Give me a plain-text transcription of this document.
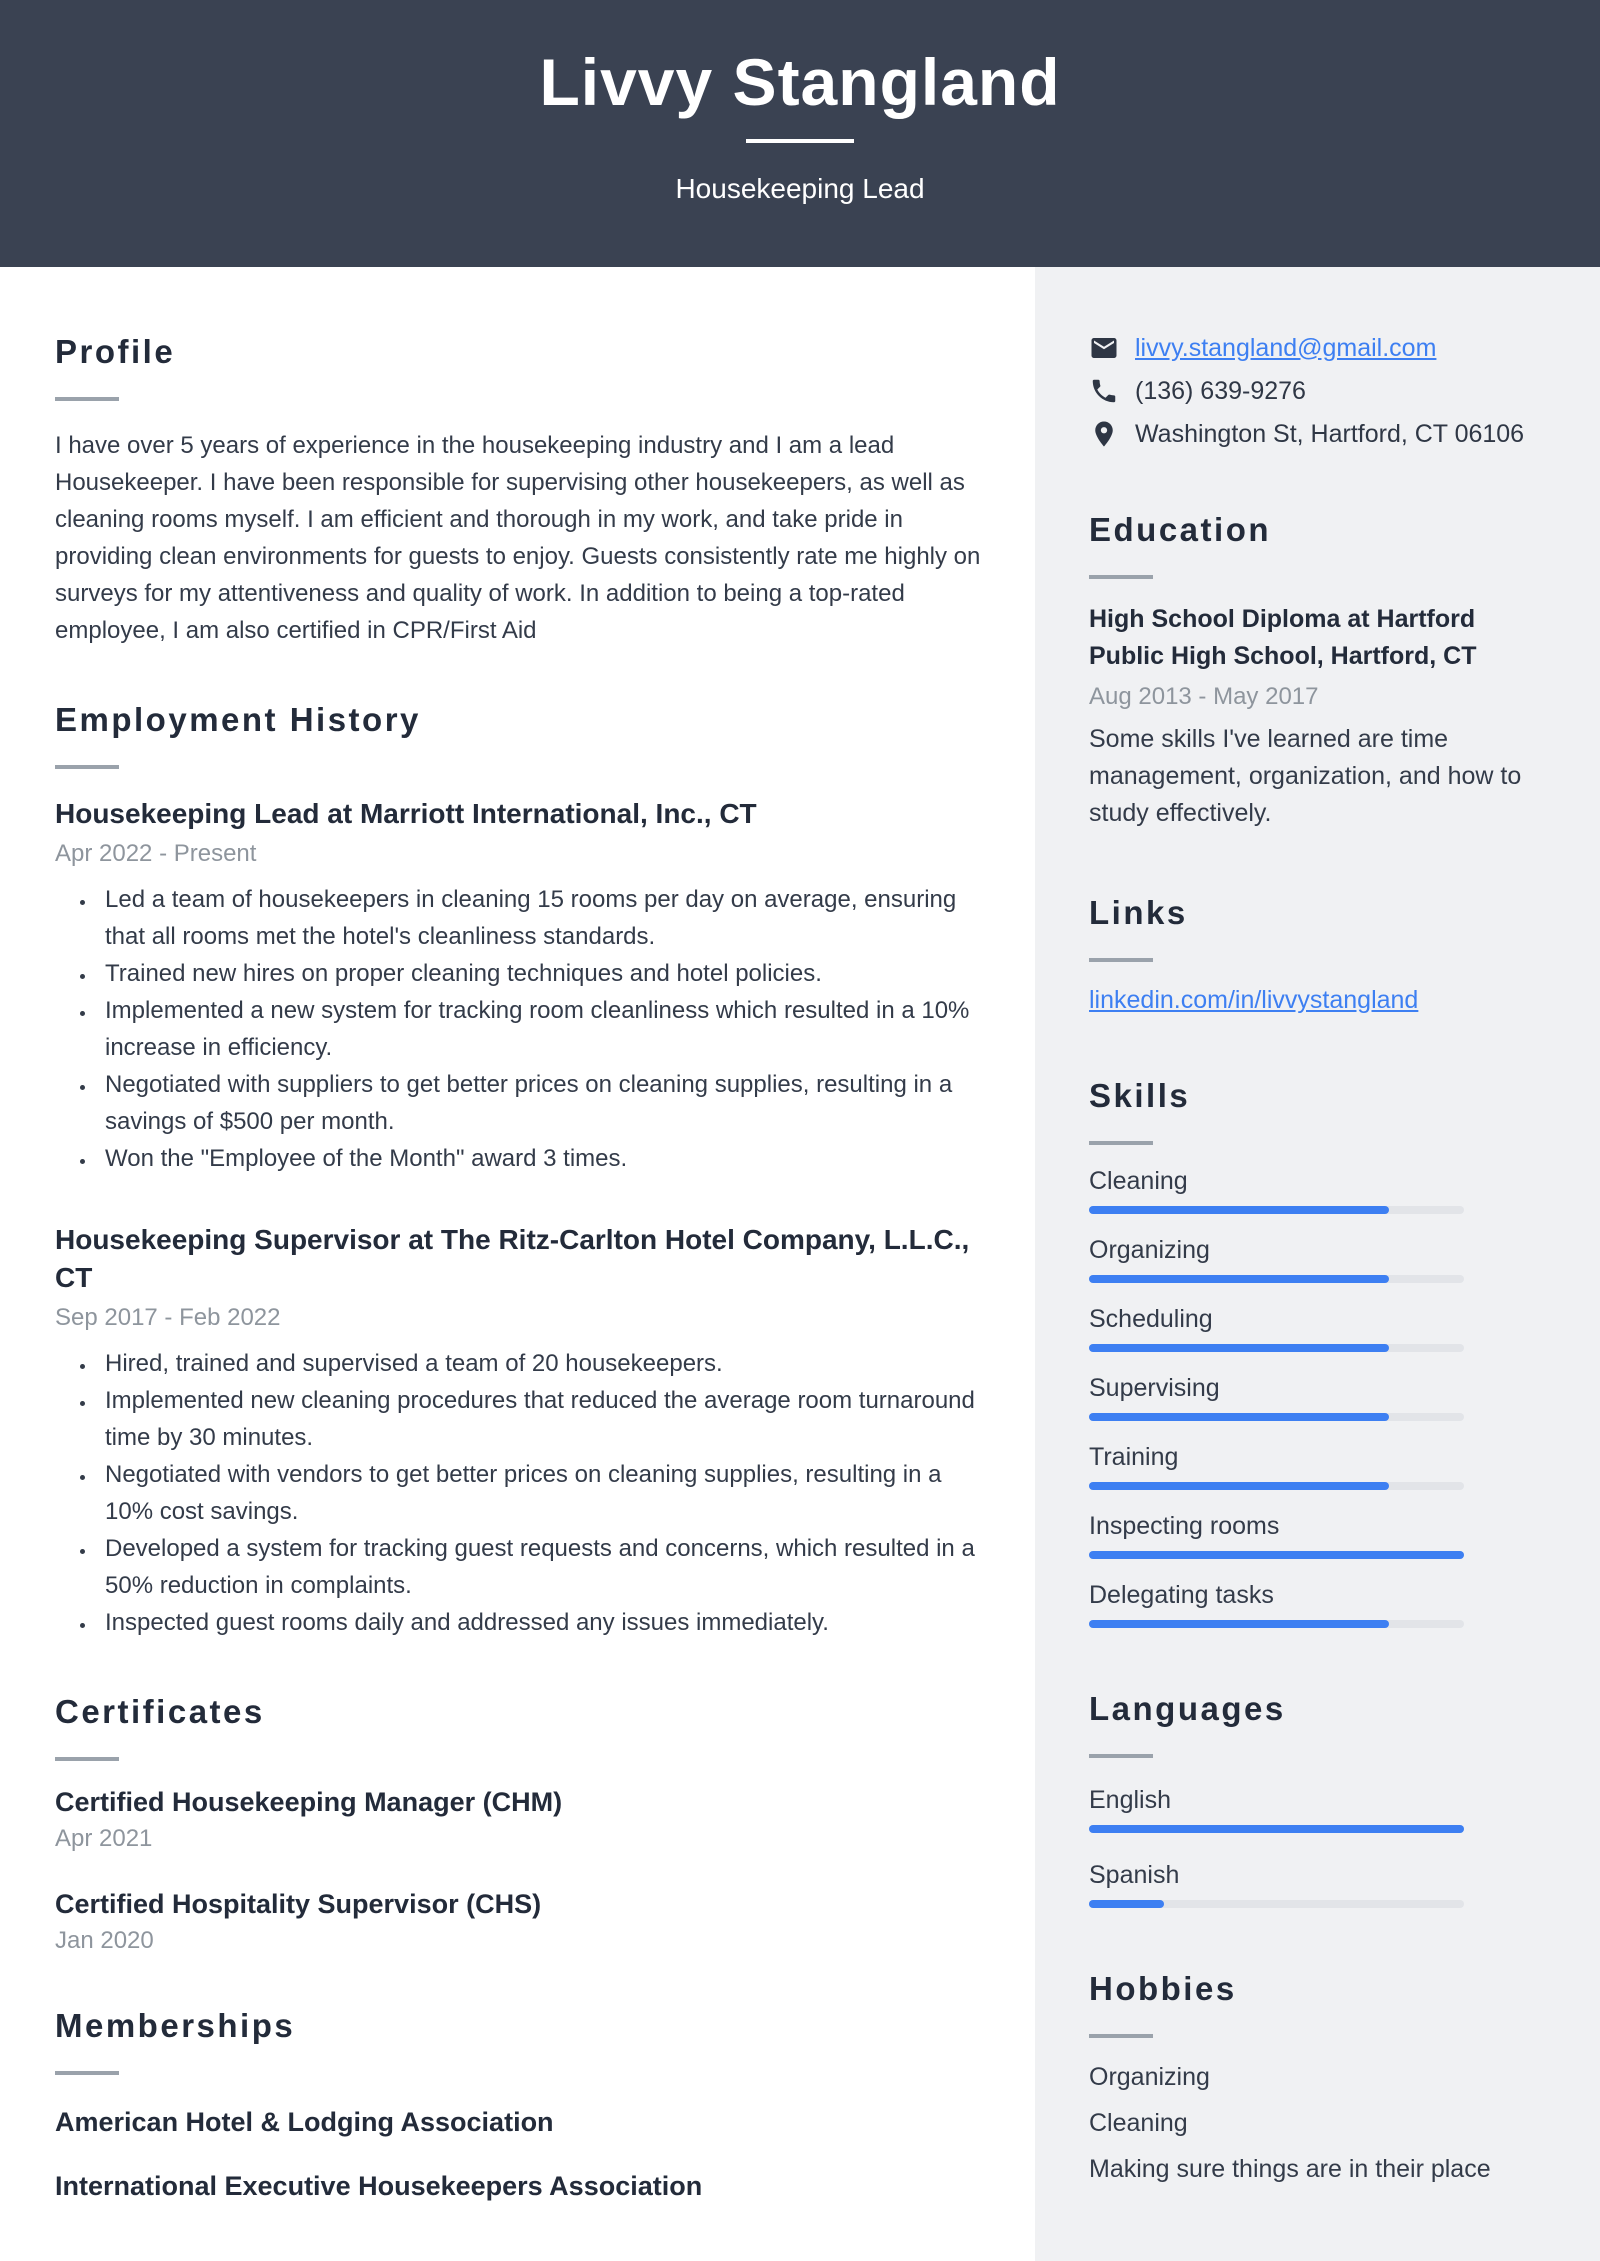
Livvy Stangland
Housekeeping Lead
Profile

I have over 5 years of experience in the housekeeping industry and I am a lead Housekeeper. I have been responsible for supervising other housekeepers, as well as cleaning rooms myself. I am efficient and thorough in my work, and take pride in providing clean environments for guests to enjoy. Guests consistently rate me highly on surveys for my attentiveness and quality of work. In addition to being a top-rated employee, I am also certified in CPR/First Aid

Employment History
Housekeeping Lead at Marriott International, Inc., CT
Apr 2022 - Present
• Led a team of housekeepers in cleaning 15 rooms per day on average, ensuring that all rooms met the hotel's cleanliness standards.
• Trained new hires on proper cleaning techniques and hotel policies.
• Implemented a new system for tracking room cleanliness which resulted in a 10% increase in efficiency.
• Negotiated with suppliers to get better prices on cleaning supplies, resulting in a savings of $500 per month.
• Won the "Employee of the Month" award 3 times.
Housekeeping Supervisor at The Ritz-Carlton Hotel Company, L.L.C., CT
Sep 2017 - Feb 2022
• Hired, trained and supervised a team of 20 housekeepers.
• Implemented new cleaning procedures that reduced the average room turnaround time by 30 minutes.
• Negotiated with vendors to get better prices on cleaning supplies, resulting in a 10% cost savings.
• Developed a system for tracking guest requests and concerns, which resulted in a 50% reduction in complaints.
• Inspected guest rooms daily and addressed any issues immediately.
Certificates
Certified Housekeeping Manager (CHM)
Apr 2021
Certified Hospitality Supervisor (CHS)
Jan 2020
Memberships
American Hotel & Lodging Association
International Executive Housekeepers Association
livvy.stangland@gmail.com
(136) 639-9276
Washington St, Hartford, CT 06106
Education
High School Diploma at Hartford Public High School, Hartford, CT
Aug 2013 - May 2017

Some skills I've learned are time management, organization, and how to study effectively.

Links
linkedin.com/in/livvystangland
Skills
Cleaning
Organizing
Scheduling
Supervising
Training
Inspecting rooms
Delegating tasks
Languages
English
Spanish
Hobbies
Organizing
Cleaning
Making sure things are in their place
